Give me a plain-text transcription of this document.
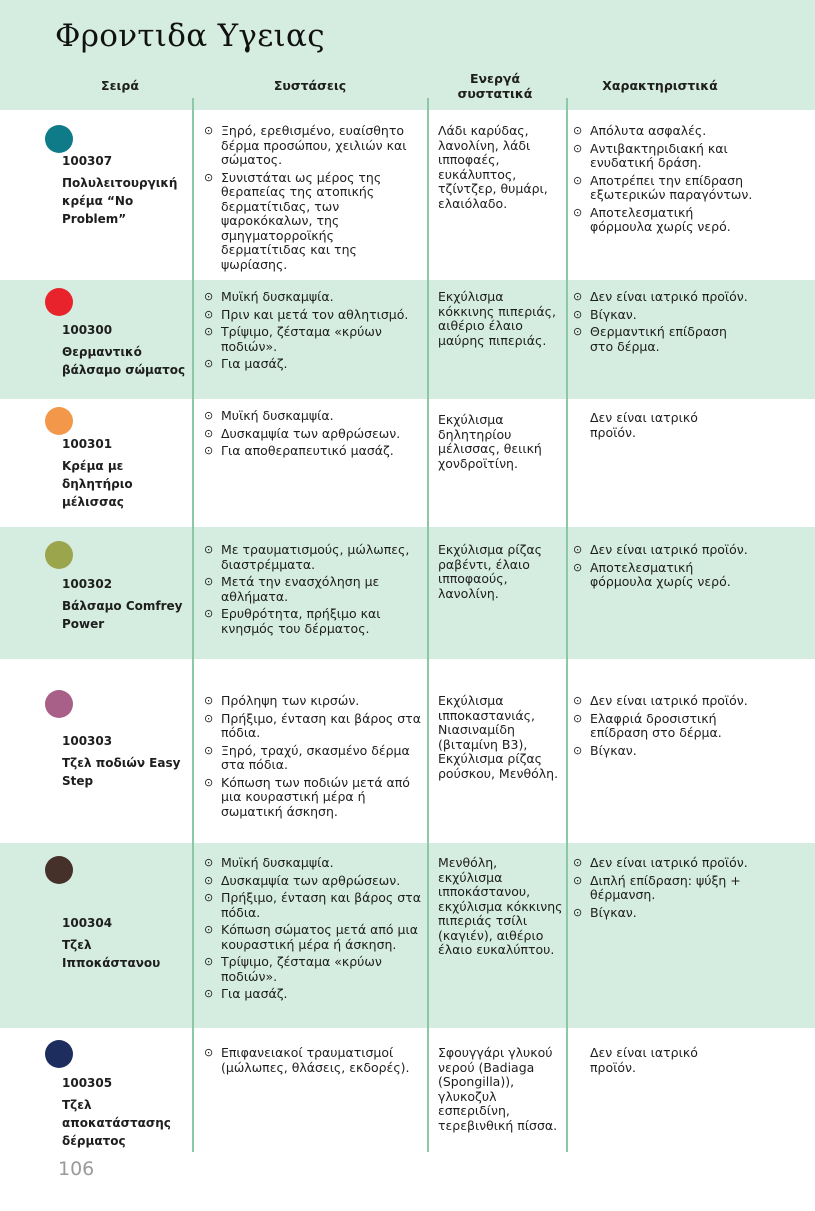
Φροντιδα Υγειας
Σειρά	Συστάσεις	Ενεργά συστατικά
Χαρακτηριστικά
100307
Πολυλειτουργική κρέμα “No Problem”
⊙ Ξηρό, ερεθισμένο, ευαίσθητο δέρμα προσώπου, χειλιών και σώματος.
⊙ Συνιστάται ως μέρος της θεραπείας της ατοπικής δερματίτιδας, των ψαροκόκαλων, της σμηγματορροϊκής δερματίτιδας και της ψωρίασης.
Λάδι καρύδας, λανολίνη, λάδι ιπποφαές, ευκάλυπτος, τζίντζερ, θυμάρι, ελαιόλαδο.
⊙ Απόλυτα ασφαλές.
⊙ Αντιβακτηριδιακή και ενυδατική δράση.
⊙ Αποτρέπει την επίδραση εξωτερικών παραγόντων.
⊙ Αποτελεσματική φόρμουλα χωρίς νερό.
100300
Θερμαντικό βάλσαμο σώματος
⊙ Μυϊκή δυσκαμψία.
⊙ Πριν και μετά τον αθλητισμό.
⊙ Τρίψιμο, ζέσταμα «κρύων ποδιών».
⊙ Για μασάζ.
Εκχύλισμα κόκκινης πιπεριάς, αιθέριο έλαιο μαύρης πιπεριάς.
⊙ Δεν είναι ιατρικό προϊόν.
⊙ Βίγκαν.
⊙ Θερμαντική επίδραση στο δέρμα.
100301
Κρέμα με δηλητήριο μέλισσας
⊙ Μυϊκή δυσκαμψία.
⊙ Δυσκαμψία των αρθρώσεων.
⊙ Για αποθεραπευτικό μασάζ.
Εκχύλισμα δηλητηρίου μέλισσας, θειική χονδροϊτίνη.
Δεν είναι ιατρικό προϊόν.
100302
Βάλσαμο Comfrey Power
⊙ Με τραυματισμούς, μώλωπες, διαστρέμματα.
⊙ Μετά την ενασχόληση με αθλήματα.
⊙ Ερυθρότητα, πρήξιμο και κνησμός του δέρματος.
Εκχύλισμα ρίζας ραβέντι, έλαιο ιπποφαούς, λανολίνη.
⊙ Δεν είναι ιατρικό προϊόν.
⊙ Αποτελεσματική φόρμουλα χωρίς νερό.
100303
Τζελ ποδιών Easy Step
⊙ Πρόληψη των κιρσών.
⊙ Πρήξιμο, ένταση και βάρος στα πόδια.
⊙ Ξηρό, τραχύ, σκασμένο δέρμα στα πόδια.
⊙ Κόπωση των ποδιών μετά από μια κουραστική μέρα ή σωματική άσκηση.
Εκχύλισμα ιπποκαστανιάς, Νιασιναμίδη (βιταμίνη B3), Εκχύλισμα ρίζας ρούσκου, Μενθόλη.
⊙ Δεν είναι ιατρικό προϊόν.
⊙ Ελαφριά δροσιστική επίδραση στο δέρμα.
⊙ Βίγκαν.
100304
Τζελ Ιπποκάστανου
⊙ Μυϊκή δυσκαμψία.
⊙ Δυσκαμψία των αρθρώσεων.
⊙ Πρήξιμο, ένταση και βάρος στα πόδια.
⊙ Κόπωση σώματος μετά από μια κουραστική μέρα ή άσκηση.
⊙ Τρίψιμο, ζέσταμα «κρύων ποδιών».
⊙ Για μασάζ.
Μενθόλη, εκχύλισμα ιπποκάστανου, εκχύλισμα κόκκινης πιπεριάς τσίλι (καγιέν), αιθέριο έλαιο ευκαλύπτου.
⊙ Δεν είναι ιατρικό προϊόν.
⊙ Διπλή επίδραση: ψύξη + θέρμανση.
⊙ Βίγκαν.
100305
Τζελ αποκατάστασης δέρματος
⊙ Επιφανειακοί τραυματισμοί (μώλωπες, θλάσεις, εκδορές).
Σφουγγάρι γλυκού νερού (Badiaga (Spongilla)), γλυκοζυλ εσπεριδίνη, τερεβινθική πίσσα.
Δεν είναι ιατρικό προϊόν.
106
